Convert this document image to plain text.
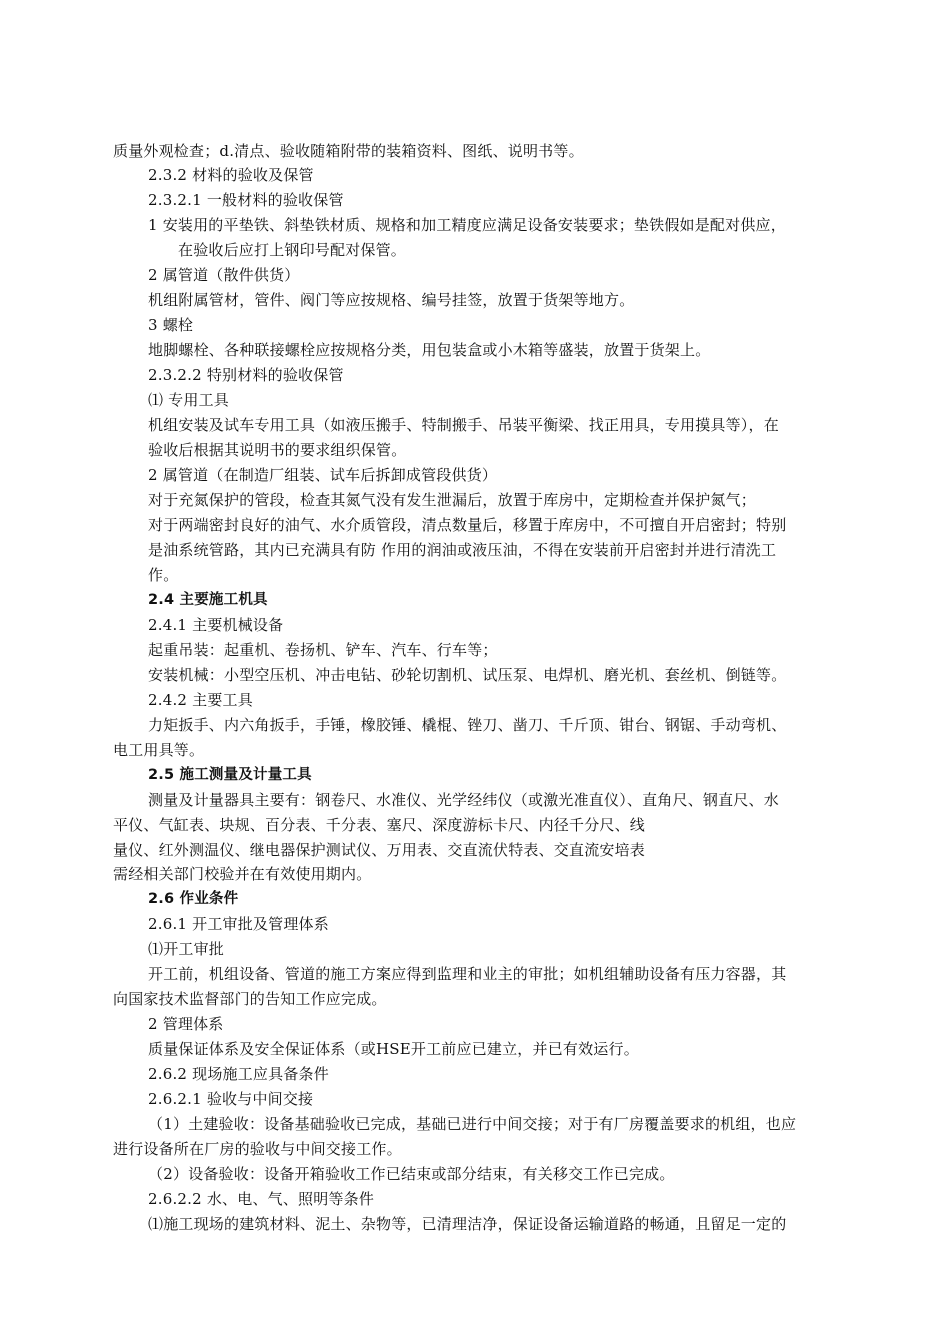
质量外观检查；d.清点、验收随箱附带的装箱资料、图纸、说明书等。
2.3.2 材料的验收及保管
2.3.2.1 一般材料的验收保管
1 安装用的平垫铁、斜垫铁材质、规格和加工精度应满足设备安装要求；垫铁假如是配对供应，
在验收后应打上钢印号配对保管。
2 属管道（散件供货）
机组附属管材，管件、阀门等应按规格、编号挂签，放置于货架等地方。
3 螺栓
地脚螺栓、各种联接螺栓应按规格分类，用包装盒或小木箱等盛装，放置于货架上。
2.3.2.2 特别材料的验收保管
⑴ 专用工具
机组安装及试车专用工具（如液压搬手、特制搬手、吊装平衡梁、找正用具，专用摸具等），在
验收后根据其说明书的要求组织保管。
2 属管道（在制造厂组装、试车后拆卸成管段供货）
对于充氮保护的管段，检查其氮气没有发生泄漏后，放置于库房中，定期检查并保护氮气；
对于两端密封良好的油气、水介质管段，清点数量后，移置于库房中，不可擅自开启密封；特别
是油系统管路，其内已充满具有防 作用的润油或液压油，不得在安装前开启密封并进行清洗工
作。
2.4 主要施工机具
2.4.1 主要机械设备
起重吊装：起重机、卷扬机、铲车、汽车、行车等；
安装机械：小型空压机、冲击电钻、砂轮切割机、试压泵、电焊机、磨光机、套丝机、倒链等。
2.4.2 主要工具
力矩扳手、内六角扳手，手锤，橡胶锤、橇棍、锉刀、凿刀、千斤顶、钳台、钢锯、手动弯机、
电工用具等。
2.5 施工测量及计量工具
测量及计量器具主要有：钢卷尺、水准仪、光学经纬仪（或激光准直仪）、直角尺、钢直尺、水
平仪、气缸表、块规、百分表、千分表、塞尺、深度游标卡尺、内径千分尺、线
量仪、红外测温仪、继电器保护测试仪、万用表、交直流伏特表、交直流安培表
需经相关部门校验并在有效使用期内。
2.6 作业条件
2.6.1 开工审批及管理体系
⑴开工审批
开工前，机组设备、管道的施工方案应得到监理和业主的审批；如机组辅助设备有压力容器，其
向国家技术监督部门的告知工作应完成。
2 管理体系
质量保证体系及安全保证体系（或HSE开工前应已建立，并已有效运行。
2.6.2 现场施工应具备条件
2.6.2.1 验收与中间交接
（1）土建验收：设备基础验收已完成，基础已进行中间交接；对于有厂房覆盖要求的机组，也应
进行设备所在厂房的验收与中间交接工作。
（2）设备验收：设备开箱验收工作已结束或部分结束，有关移交工作已完成。
2.6.2.2 水、电、气、照明等条件
⑴施工现场的建筑材料、泥土、杂物等，已清理洁净，保证设备运输道路的畅通，且留足一定的
